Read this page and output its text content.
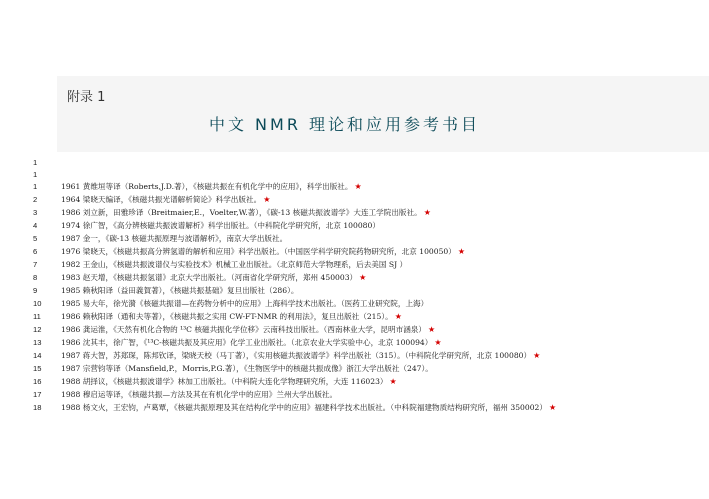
附录 1
中文 NMR 理论和应用参考书目
1
1
1	1961 黄维垣等译（Roberts,J.D.著），《核磁共振在有机化学中的应用》，科学出版社。 ★
2	1964 梁晓天编译，《核磁共振光谱解析简论》科学出版社。 ★
3	1986 刘立新，田雅珍译（Breitmaier,E.，Voelter,W.著），《碳-13 核磁共振波谱学》大连工学院出版社。 ★
4	1974 徐广智，《高分辨核磁共振波谱解析》科学出版社。（中科院化学研究所，北京 100080）
5	1987 金一，《碳-13 核磁共振原理与波谱解析》，南京大学出版社。
6	1976 梁晓天，《核磁共振高分辨氢谱的解析和应用》科学出版社。（中国医学科学研究院药物研究所，北京 100050） ★
7	1982 王金山，《核磁共振波谱仪与实验技术》机械工业出版社。（北京师范大学物理系，后去美国 SJ ）
8	1983 赵天增，《核磁共振氢谱》北京大学出版社。（河南省化学研究所，郑州 450003） ★
9	1985 赖秋阳译（益田義賀著），《核磁共振基础》复旦出版社（286）。
10	1985 易大年，徐光漪《核磁共振谱—在药物分析中的应用》上海科学技术出版社。（医药工业研究院，上海）
11	1986 赖秋阳译（通和夫等著），《核磁共振之实用 CW-FT-NMR 的利用法》，复旦出版社（215）。 ★
12	1986 龚运淮，《天然有机化合物的 ¹³C 核磁共振化学位移》云南科技出版社。（西南林业大学，昆明市涵泉） ★
13	1986 沈其丰，徐广智，《¹³C-核磁共振及其应用》化学工业出版社。（北京农业大学实验中心，北京 100094） ★
14	1987 蒋大智，苏郑琛，陈邦钦译，梁晓天校（马丁著），《实用核磁共振波谱学》科学出版社（315）。（中科院化学研究所，北京 100080） ★
15	1987 宗营钧等译（Mansfield,P.，Morris,P.G.著），《生物医学中的核磁共振成像》浙江大学出版社（247）。
16	1988 胡择议，《核磁共振波谱学》林加工出版社。（中科院大连化学物理研究所，大连 116023） ★
17	1988 穆启运等译，《核磁共振—方法及其在有机化学中的应用》兰州大学出版社。
18	1988 杨文火，王宏钧，卢葛覃，《核磁共振原理及其在结构化学中的应用》福建科学技术出版社。（中科院福建物质结构研究所，福州 350002） ★
